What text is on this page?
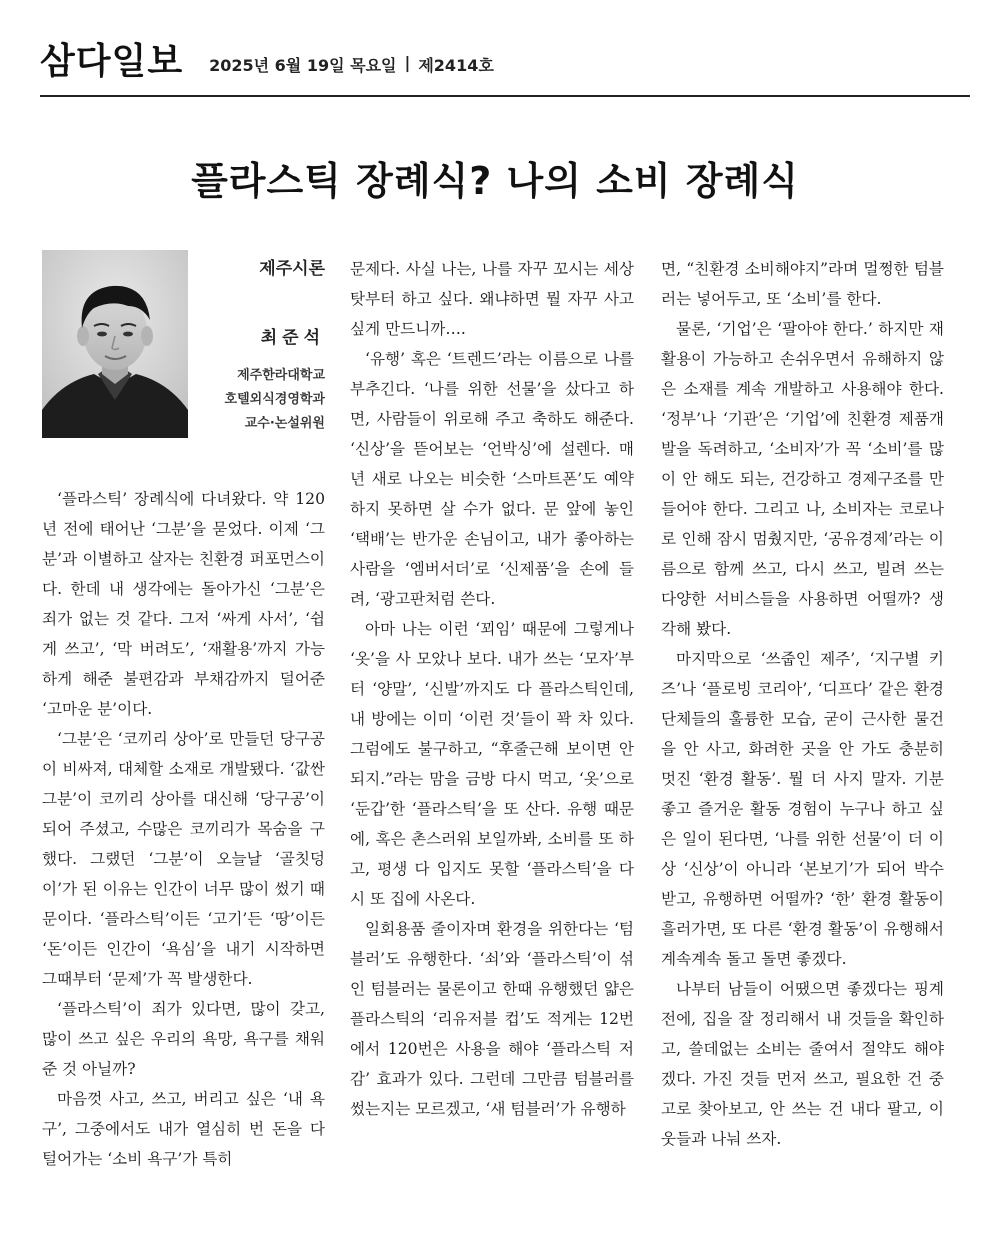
삼다일보 2025년 6월 19일 목요일 | 제2414호
플라스틱 장례식? 나의 소비 장례식
제주시론
최준석
제주한라대학교
호텔외식경영학과
교수·논설위원

‘플라스틱’ 장례식에 다녀왔다. 약 120년 전에 태어난 ‘그분’을 묻었다. 이제 ‘그분’과 이별하고 살자는 친환경 퍼포먼스이다. 한데 내 생각에는 돌아가신 ‘그분’은 죄가 없는 것 같다. 그저 ‘싸게 사서’, ‘쉽게 쓰고’, ‘막 버려도’, ‘재활용’까지 가능하게 해준 불편감과 부채감까지 덜어준 ‘고마운 분’이다.

‘그분’은 ‘코끼리 상아’로 만들던 당구공이 비싸져, 대체할 소재로 개발됐다. ‘값싼 그분’이 코끼리 상아를 대신해 ‘당구공’이 되어 주셨고, 수많은 코끼리가 목숨을 구했다. 그랬던 ‘그분’이 오늘날 ‘골칫덩이’가 된 이유는 인간이 너무 많이 썼기 때문이다. ‘플라스틱’이든 ‘고기’든 ‘땅’이든 ‘돈’이든 인간이 ‘욕심’을 내기 시작하면 그때부터 ‘문제’가 꼭 발생한다.

‘플라스틱’이 죄가 있다면, 많이 갖고, 많이 쓰고 싶은 우리의 욕망, 욕구를 채워준 것 아닐까?

마음껏 사고, 쓰고, 버리고 싶은 ‘내 욕구’, 그중에서도 내가 열심히 번 돈을 다 털어가는 ‘소비 욕구’가 특히

문제다. 사실 나는, 나를 자꾸 꼬시는 세상 탓부터 하고 싶다. 왜냐하면 뭘 자꾸 사고 싶게 만드니까….

‘유행’ 혹은 ‘트렌드’라는 이름으로 나를 부추긴다. ‘나를 위한 선물’을 샀다고 하면, 사람들이 위로해 주고 축하도 해준다. ‘신상’을 뜯어보는 ‘언박싱’에 설렌다. 매년 새로 나오는 비슷한 ‘스마트폰’도 예약하지 못하면 살 수가 없다. 문 앞에 놓인 ‘택배’는 반가운 손님이고, 내가 좋아하는 사람을 ‘엠버서더’로 ‘신제품’을 손에 들려, ‘광고판처럼 쓴다.

아마 나는 이런 ‘꾀임’ 때문에 그렇게나 ‘옷’을 사 모았나 보다. 내가 쓰는 ‘모자’부터 ‘양말’, ‘신발’까지도 다 플라스틱인데, 내 방에는 이미 ‘이런 것’들이 꽉 차 있다. 그럼에도 불구하고, “후줄근해 보이면 안 되지.”라는 맘을 금방 다시 먹고, ‘옷’으로 ‘둔갑’한 ‘플라스틱’을 또 산다. 유행 때문에, 혹은 촌스러워 보일까봐, 소비를 또 하고, 평생 다 입지도 못할 ‘플라스틱’을 다시 또 집에 사온다.

일회용품 줄이자며 환경을 위한다는 ‘텀블러’도 유행한다. ‘쇠’와 ‘플라스틱’이 섞인 텀블러는 물론이고 한때 유행했던 얇은 플라스틱의 ‘리유저블 컵’도 적게는 12번에서 120번은 사용을 해야 ‘플라스틱 저감’ 효과가 있다. 그런데 그만큼 텀블러를 썼는지는 모르겠고, ‘새 텀블러’가 유행하

면, “친환경 소비해야지”라며 멀쩡한 텀블러는 넣어두고, 또 ‘소비’를 한다.

물론, ‘기업’은 ‘팔아야 한다.’ 하지만 재활용이 가능하고 손쉬우면서 유해하지 않은 소재를 계속 개발하고 사용해야 한다. ‘정부’나 ‘기관’은 ‘기업’에 친환경 제품개발을 독려하고, ‘소비자’가 꼭 ‘소비’를 많이 안 해도 되는, 건강하고 경제구조를 만들어야 한다. 그리고 나, 소비자는 코로나로 인해 잠시 멈췄지만, ‘공유경제’라는 이름으로 함께 쓰고, 다시 쓰고, 빌려 쓰는 다양한 서비스들을 사용하면 어떨까? 생각해 봤다.

마지막으로 ‘쓰줍인 제주’, ‘지구별 키즈’나 ‘플로빙 코리아’, ‘디프다’ 같은 환경단체들의 훌륭한 모습, 굳이 근사한 물건을 안 사고, 화려한 곳을 안 가도 충분히 멋진 ‘환경 활동’. 뭘 더 사지 말자. 기분 좋고 즐거운 활동 경험이 누구나 하고 싶은 일이 된다면, ‘나를 위한 선물’이 더 이상 ‘신상’이 아니라 ‘본보기’가 되어 박수받고, 유행하면 어떨까? ‘한’ 환경 활동이 흘러가면, 또 다른 ‘환경 활동’이 유행해서 계속계속 돌고 돌면 좋겠다.

나부터 남들이 어땠으면 좋겠다는 핑계 전에, 집을 잘 정리해서 내 것들을 확인하고, 쓸데없는 소비는 줄여서 절약도 해야겠다. 가진 것들 먼저 쓰고, 필요한 건 중고로 찾아보고, 안 쓰는 건 내다 팔고, 이웃들과 나눠 쓰자.
